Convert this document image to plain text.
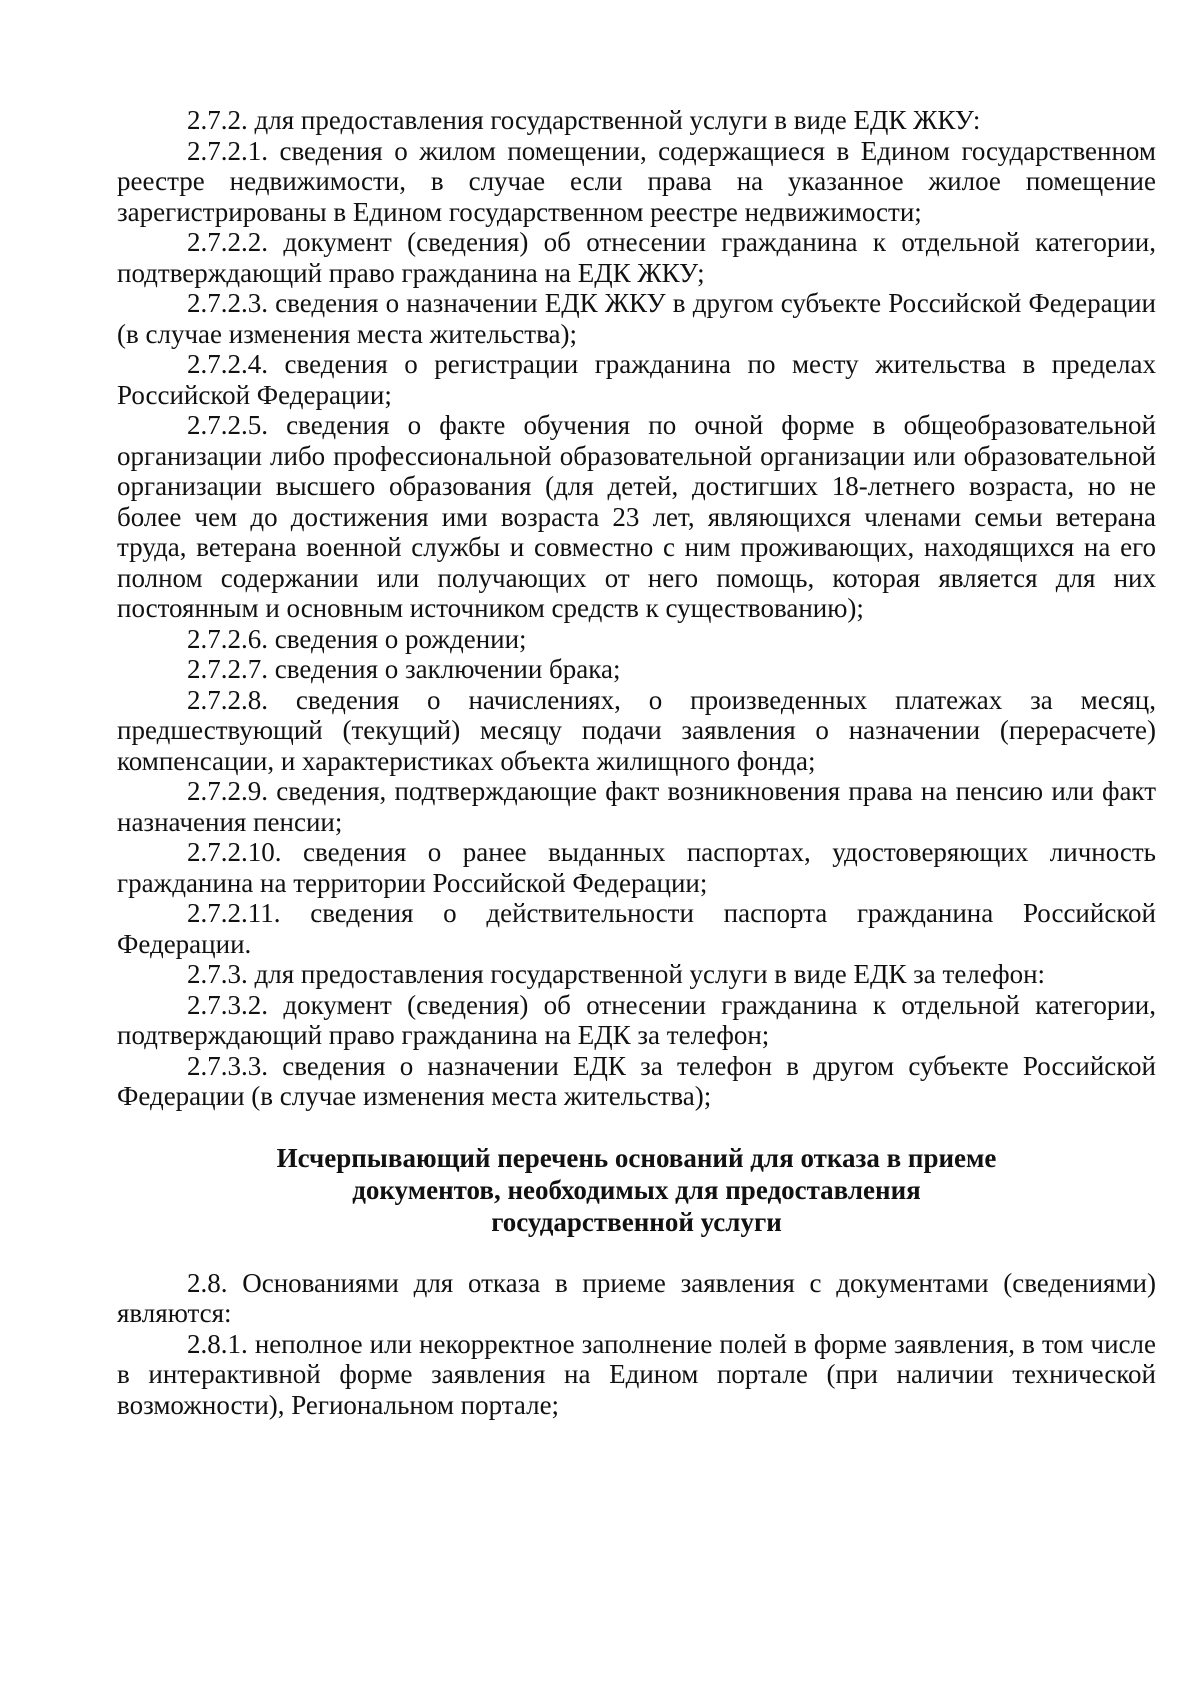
2.7.2. для предоставления государственной услуги в виде ЕДК ЖКУ:

2.7.2.1. сведения о жилом помещении, содержащиеся в Едином государственном реестре недвижимости, в случае если права на указанное жилое помещение зарегистрированы в Едином государственном реестре недвижимости;

2.7.2.2. документ (сведения) об отнесении гражданина к отдельной категории, подтверждающий право гражданина на ЕДК ЖКУ;

2.7.2.3. сведения о назначении ЕДК ЖКУ в другом субъекте Российской Федерации (в случае изменения места жительства);

2.7.2.4. сведения о регистрации гражданина по месту жительства в пределах Российской Федерации;

2.7.2.5. сведения о факте обучения по очной форме в общеобразовательной организации либо профессиональной образовательной организации или образовательной организации высшего образования (для детей, достигших 18-летнего возраста, но не более чем до достижения ими возраста 23 лет, являющихся членами семьи ветерана труда, ветерана военной службы и совместно с ним проживающих, находящихся на его полном содержании или получающих от него помощь, которая является для них постоянным и основным источником средств к существованию);

2.7.2.6. сведения о рождении;

2.7.2.7. сведения о заключении брака;

2.7.2.8. сведения о начислениях, о произведенных платежах за месяц, предшествующий (текущий) месяцу подачи заявления о назначении (перерасчете) компенсации, и характеристиках объекта жилищного фонда;

2.7.2.9. сведения, подтверждающие факт возникновения права на пенсию или факт назначения пенсии;

2.7.2.10. сведения о ранее выданных паспортах, удостоверяющих личность гражданина на территории Российской Федерации;

2.7.2.11. сведения о действительности паспорта гражданина Российской Федерации.

2.7.3. для предоставления государственной услуги в виде ЕДК за телефон:

2.7.3.2. документ (сведения) об отнесении гражданина к отдельной категории, подтверждающий право гражданина на ЕДК за телефон;

2.7.3.3. сведения о назначении ЕДК за телефон в другом субъекте Российской Федерации (в случае изменения места жительства);

Исчерпывающий перечень оснований для отказа в приеме
документов, необходимых для предоставления
государственной услуги

2.8. Основаниями для отказа в приеме заявления с документами (сведениями) являются:

2.8.1. неполное или некорректное заполнение полей в форме заявления, в том числе в интерактивной форме заявления на Едином портале (при наличии технической возможности), Региональном портале;
